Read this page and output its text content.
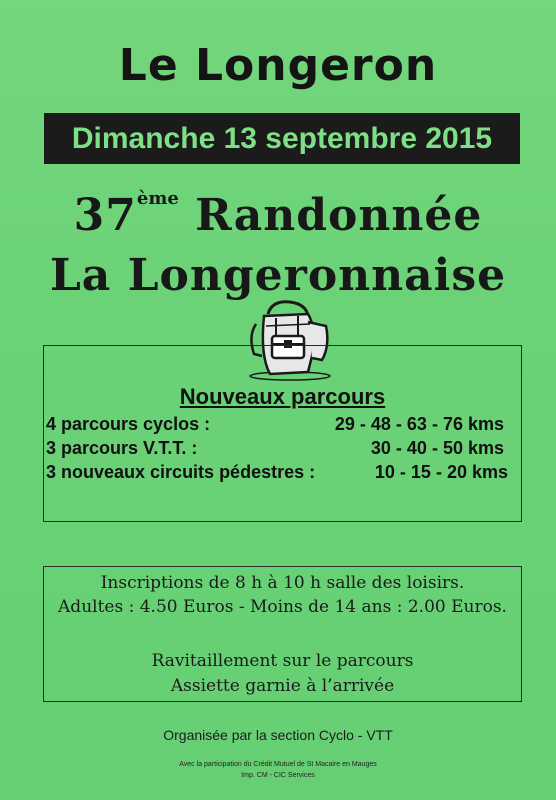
Le Longeron
Dimanche 13 septembre 2015
37ème Randonnée
La Longeronnaise
Nouveaux parcours
4 parcours cyclos :	29 - 48 - 63 - 76 kms
3 parcours V.T.T. :	30 - 40 - 50 kms
3 nouveaux circuits pédestres :	10 - 15 - 20 kms
Inscriptions de 8 h à 10 h salle des loisirs.
Adultes : 4.50 Euros - Moins de 14 ans : 2.00 Euros.
Ravitaillement sur le parcours
Assiette garnie à l’arrivée
Organisée par la section Cyclo - VTT
Avec la participation du Crédit Mutuel de St Macaire en Mauges
Imp. CM - CIC Services
